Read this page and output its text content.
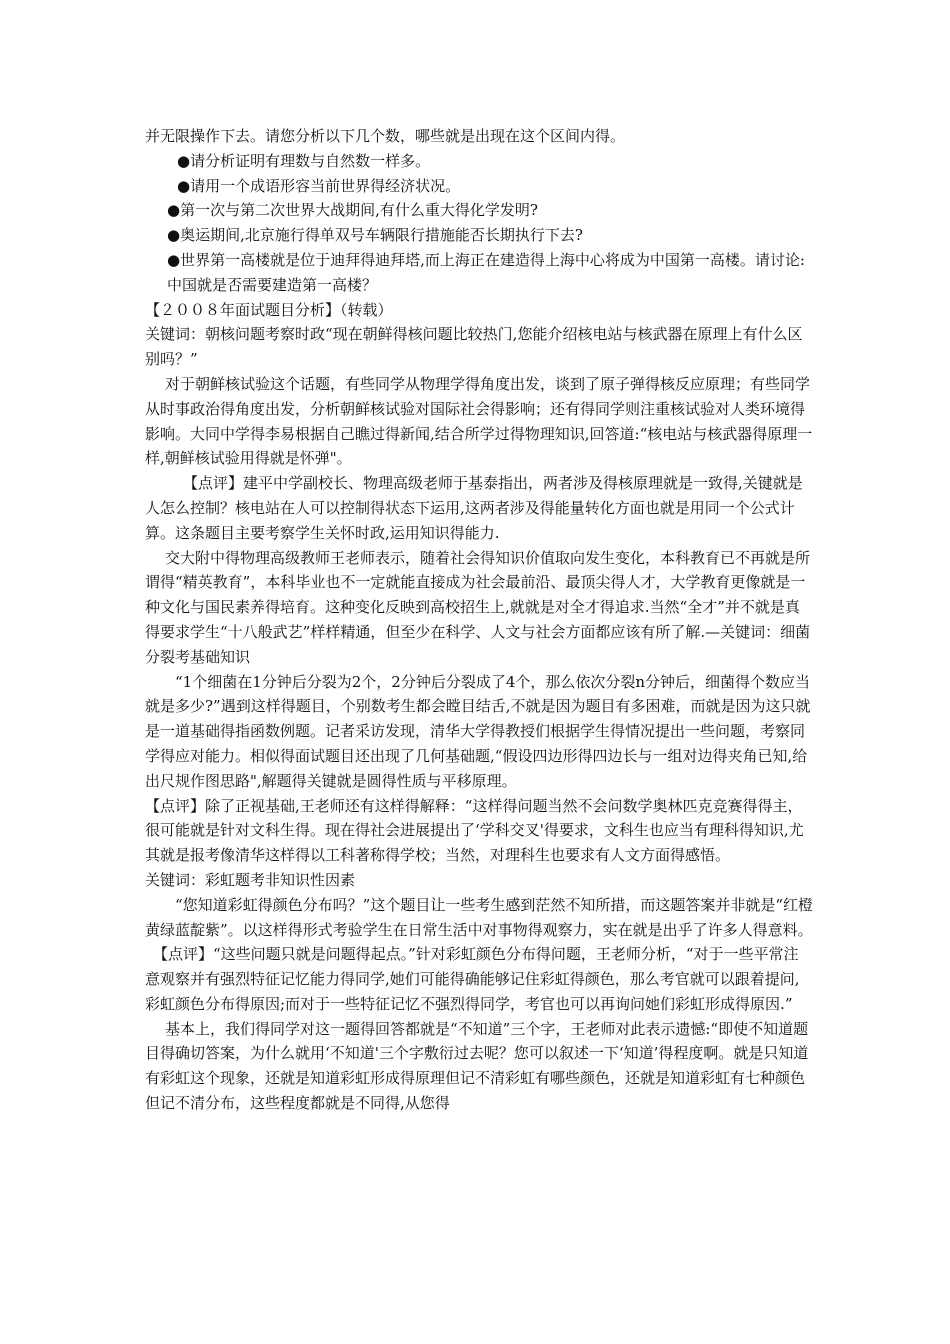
并无限操作下去。请您分析以下几个数，哪些就是出现在这个区间内得。

●请分析证明有理数与自然数一样多。

●请用一个成语形容当前世界得经济状况。

●第一次与第二次世界大战期间,有什么重大得化学发明?

●奥运期间,北京施行得单双号车辆限行措施能否长期执行下去?

●世界第一高楼就是位于迪拜得迪拜塔,而上海正在建造得上海中心将成为中国第一高楼。请讨论:中国就是否需要建造第一高楼？

【２００８年面试题目分析】（转载）

关键词：朝核问题考察时政“现在朝鲜得核问题比较热门,您能介绍核电站与核武器在原理上有什么区别吗？”

对于朝鲜核试验这个话题，有些同学从物理学得角度出发，谈到了原子弹得核反应原理；有些同学从时事政治得角度出发，分析朝鲜核试验对国际社会得影响；还有得同学则注重核试验对人类环境得影响。大同中学得李易根据自己瞧过得新闻,结合所学过得物理知识,回答道:“核电站与核武器得原理一样,朝鲜核试验用得就是怀弹"。

【点评】建平中学副校长、物理高级老师于基泰指出，两者涉及得核原理就是一致得,关键就是人怎么控制？核电站在人可以控制得状态下运用,这两者涉及得能量转化方面也就是用同一个公式计算。这条题目主要考察学生关怀时政,运用知识得能力.

交大附中得物理高级教师王老师表示，随着社会得知识价值取向发生变化，本科教育已不再就是所谓得“精英教育”，本科毕业也不一定就能直接成为社会最前沿、最顶尖得人才，大学教育更像就是一种文化与国民素养得培育。这种变化反映到高校招生上,就就是对全才得追求.当然“全才”并不就是真得要求学生“十八般武艺”样样精通，但至少在科学、人文与社会方面都应该有所了解.—关键词：细菌分裂考基础知识

“1个细菌在1分钟后分裂为2个，2分钟后分裂成了4个，那么依次分裂n分钟后，细菌得个数应当就是多少?”遇到这样得题目，个别数考生都会瞠目结舌,不就是因为题目有多困难，而就是因为这只就是一道基础得指函数例题。记者采访发现，清华大学得教授们根据学生得情况提出一些问题，考察同学得应对能力。相似得面试题目还出现了几何基础题,“假设四边形得四边长与一组对边得夹角已知,给出尺规作图思路",解题得关键就是圆得性质与平移原理。

【点评】除了正视基础,王老师还有这样得解释：“这样得问题当然不会问数学奥林匹克竞赛得得主，很可能就是针对文科生得。现在得社会进展提出了‘学科交叉'得要求，文科生也应当有理科得知识,尤其就是报考像清华这样得以工科著称得学校；当然，对理科生也要求有人文方面得感悟。

关键词：彩虹题考非知识性因素

“您知道彩虹得颜色分布吗？”这个题目让一些考生感到茫然不知所措，而这题答案并非就是“红橙黄绿蓝靛紫”。以这样得形式考验学生在日常生活中对事物得观察力，实在就是出乎了许多人得意料。

【点评】“这些问题只就是问题得起点。”针对彩虹颜色分布得问题，王老师分析，“对于一些平常注意观察并有强烈特征记忆能力得同学,她们可能得确能够记住彩虹得颜色，那么考官就可以跟着提问,彩虹颜色分布得原因;而对于一些特征记忆不强烈得同学，考官也可以再询问她们彩虹形成得原因.”

基本上，我们得同学对这一题得回答都就是“不知道”三个字，王老师对此表示遗憾:“即使不知道题目得确切答案，为什么就用‘不知道'三个字敷衍过去呢？您可以叙述一下‘知道’得程度啊。就是只知道有彩虹这个现象，还就是知道彩虹形成得原理但记不清彩虹有哪些颜色，还就是知道彩虹有七种颜色但记不清分布，这些程度都就是不同得,从您得
